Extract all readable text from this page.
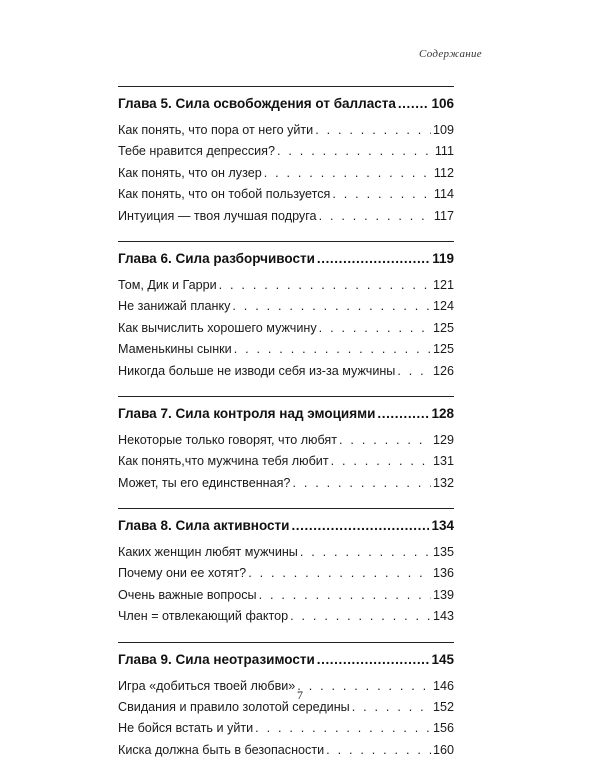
Содержание
Глава 5. Сила освобождения от балласта .....	106
Как понять, что пора от него уйти . . .	109
Тебе нравится депрессия? . . .	111
Как понять, что он лузер . . .	112
Как понять, что он тобой пользуется . . .	114
Интуиция — твоя лучшая подруга . . .	117
Глава 6. Сила разборчивости .....	119
Том, Дик и Гарри . . .	121
Не занижай планку . . .	124
Как вычислить хорошего мужчину . . .	125
Маменькины сынки . . .	125
Никогда больше не изводи себя из-за мужчины . . .	126
Глава 7. Сила контроля над эмоциями .....	128
Некоторые только говорят, что любят . . .	129
Как понять,что мужчина тебя любит . . .	131
Может, ты его единственная? . . .	132
Глава 8. Сила активности .....	134
Каких женщин любят мужчины . . .	135
Почему они ее хотят? . . .	136
Очень важные вопросы . . .	139
Член = отвлекающий фактор . . .	143
Глава 9. Сила неотразимости .....	145
Игра «добиться твоей любви» . . .	146
Свидания и правило золотой середины . . .	152
Не бойся встать и уйти . . .	156
Киска должна быть в безопасности . . .	160
7
